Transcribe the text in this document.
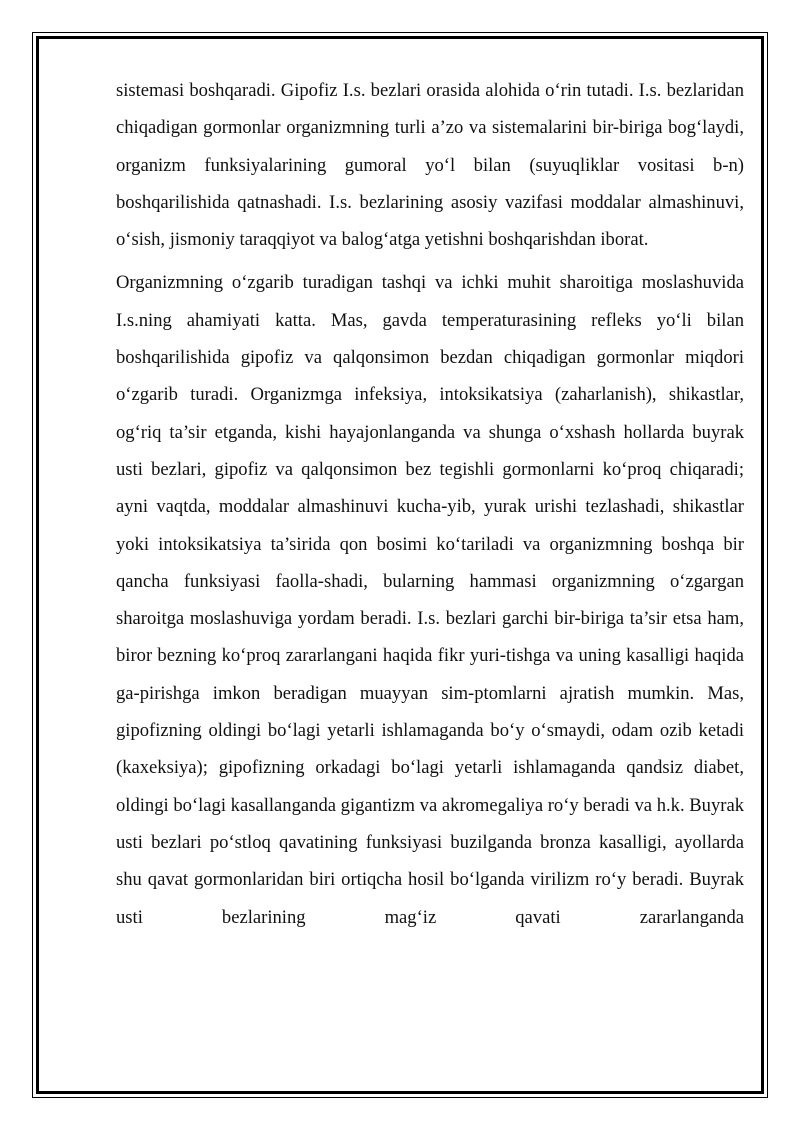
sistemasi boshqaradi. Gipofiz I.s. bezlari orasida alohida o‘rin tutadi. I.s. bezlaridan chiqadigan gormonlar organizmning turli a’zo va sistemalarini bir-biriga bog‘laydi, organizm funksiyalarining gumoral yo‘l bilan (suyuqliklar vositasi b-n) boshqarilishida qatnashadi. I.s. bezlarining asosiy vazifasi moddalar almashinuvi, o‘sish, jismoniy taraqqiyot va balog‘atga yetishni boshqarishdan iborat.

Organizmning o‘zgarib turadigan tashqi va ichki muhit sharoitiga moslashuvida I.s.ning ahamiyati katta. Mas, gavda temperaturasining refleks yo‘li bilan boshqarilishida gipofiz va qalqonsimon bezdan chiqadigan gormonlar miqdori o‘zgarib turadi. Organizmga infeksiya, intoksikatsiya (zaharlanish), shikastlar, og‘riq ta’sir etganda, kishi hayajonlanganda va shunga o‘xshash hollarda buyrak usti bezlari, gipofiz va qalqonsimon bez tegishli gormonlarni ko‘proq chiqaradi; ayni vaqtda, moddalar almashinuvi kucha-yib, yurak urishi tezlashadi, shikastlar yoki intoksikatsiya ta’sirida qon bosimi ko‘tariladi va organizmning boshqa bir qancha funksiyasi faolla-shadi, bularning hammasi organizmning o‘zgargan sharoitga moslashuviga yordam beradi. I.s. bezlari garchi bir-biriga ta’sir etsa ham, biror bezning ko‘proq zararlangani haqida fikr yuri-tishga va uning kasalligi haqida ga-pirishga imkon beradigan muayyan sim-ptomlarni ajratish mumkin. Mas, gipofizning oldingi bo‘lagi yetarli ishlamaganda bo‘y o‘smaydi, odam ozib ketadi (kaxeksiya); gipofizning orkadagi bo‘lagi yetarli ishlamaganda qandsiz diabet, oldingi bo‘lagi kasallanganda gigantizm va akromegaliya ro‘y beradi va h.k. Buyrak usti bezlari po‘stloq qavatining funksiyasi buzilganda bronza kasalligi, ayollarda shu qavat gormonlaridan biri ortiqcha hosil bo‘lganda virilizm ro‘y beradi. Buyrak usti bezlarining mag‘iz qavati zararlanganda
